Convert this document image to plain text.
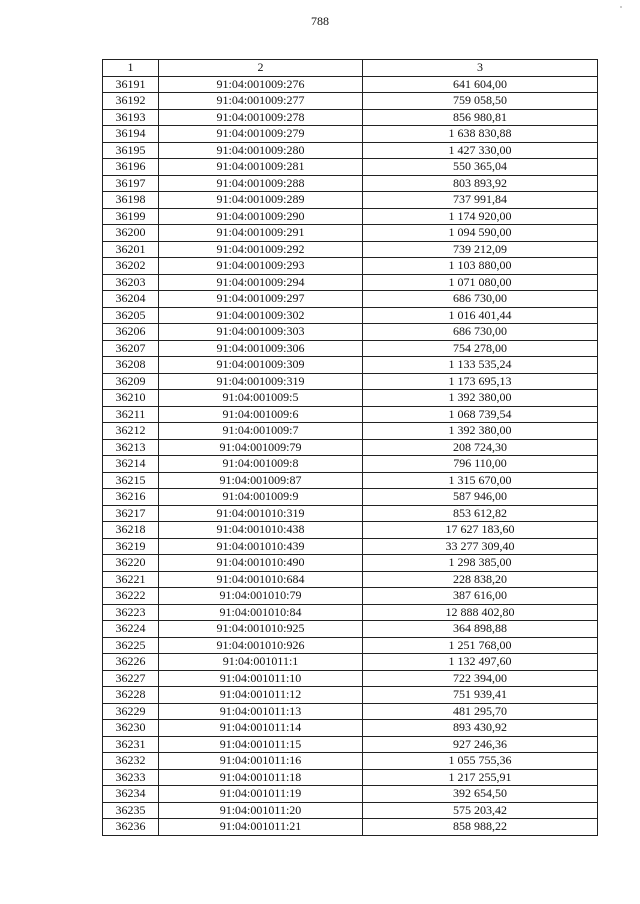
788
1	2	3
36191	91:04:001009:276	641 604,00
36192	91:04:001009:277	759 058,50
36193	91:04:001009:278	856 980,81
36194	91:04:001009:279	1 638 830,88
36195	91:04:001009:280	1 427 330,00
36196	91:04:001009:281	550 365,04
36197	91:04:001009:288	803 893,92
36198	91:04:001009:289	737 991,84
36199	91:04:001009:290	1 174 920,00
36200	91:04:001009:291	1 094 590,00
36201	91:04:001009:292	739 212,09
36202	91:04:001009:293	1 103 880,00
36203	91:04:001009:294	1 071 080,00
36204	91:04:001009:297	686 730,00
36205	91:04:001009:302	1 016 401,44
36206	91:04:001009:303	686 730,00
36207	91:04:001009:306	754 278,00
36208	91:04:001009:309	1 133 535,24
36209	91:04:001009:319	1 173 695,13
36210	91:04:001009:5	1 392 380,00
36211	91:04:001009:6	1 068 739,54
36212	91:04:001009:7	1 392 380,00
36213	91:04:001009:79	208 724,30
36214	91:04:001009:8	796 110,00
36215	91:04:001009:87	1 315 670,00
36216	91:04:001009:9	587 946,00
36217	91:04:001010:319	853 612,82
36218	91:04:001010:438	17 627 183,60
36219	91:04:001010:439	33 277 309,40
36220	91:04:001010:490	1 298 385,00
36221	91:04:001010:684	228 838,20
36222	91:04:001010:79	387 616,00
36223	91:04:001010:84	12 888 402,80
36224	91:04:001010:925	364 898,88
36225	91:04:001010:926	1 251 768,00
36226	91:04:001011:1	1 132 497,60
36227	91:04:001011:10	722 394,00
36228	91:04:001011:12	751 939,41
36229	91:04:001011:13	481 295,70
36230	91:04:001011:14	893 430,92
36231	91:04:001011:15	927 246,36
36232	91:04:001011:16	1 055 755,36
36233	91:04:001011:18	1 217 255,91
36234	91:04:001011:19	392 654,50
36235	91:04:001011:20	575 203,42
36236	91:04:001011:21	858 988,22
